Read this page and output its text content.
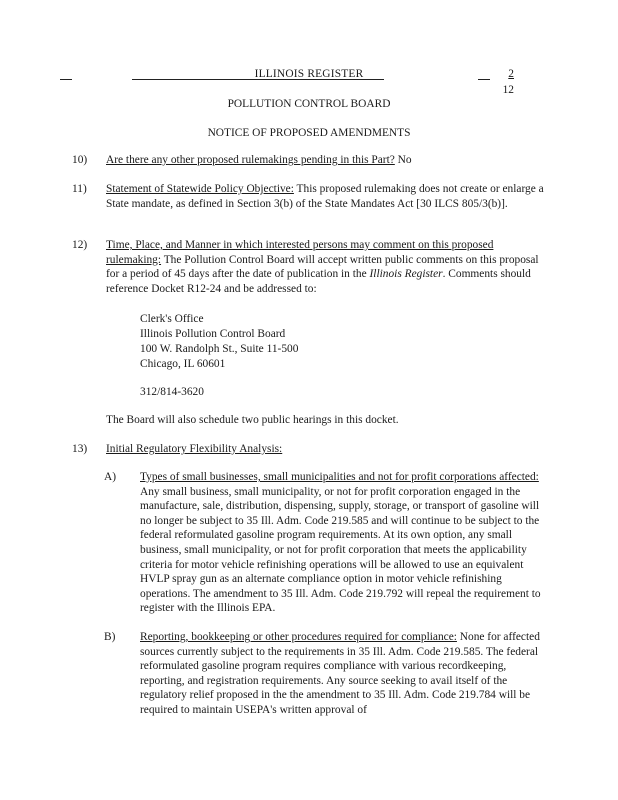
ILLINOIS REGISTER	2
12
POLLUTION CONTROL BOARD
NOTICE OF PROPOSED AMENDMENTS
10) Are there any other proposed rulemakings pending in this Part? No

11) Statement of Statewide Policy Objective: This proposed rulemaking does not create or enlarge a State mandate, as defined in Section 3(b) of the State Mandates Act [30 ILCS 805/3(b)].

12) Time, Place, and Manner in which interested persons may comment on this proposed rulemaking: The Pollution Control Board will accept written public comments on this proposal for a period of 45 days after the date of publication in the Illinois Register. Comments should reference Docket R12-24 and be addressed to:

Clerk's Office
Illinois Pollution Control Board
100 W. Randolph St., Suite 11-500
Chicago, IL 60601
312/814-3620

The Board will also schedule two public hearings in this docket.

13) Initial Regulatory Flexibility Analysis:

A) Types of small businesses, small municipalities and not for profit corporations affected: Any small business, small municipality, or not for profit corporation engaged in the manufacture, sale, distribution, dispensing, supply, storage, or transport of gasoline will no longer be subject to 35 Ill. Adm. Code 219.585 and will continue to be subject to the federal reformulated gasoline program requirements. At its own option, any small business, small municipality, or not for profit corporation that meets the applicability criteria for motor vehicle refinishing operations will be allowed to use an equivalent HVLP spray gun as an alternate compliance option in motor vehicle refinishing operations. The amendment to 35 Ill. Adm. Code 219.792 will repeal the requirement to register with the Illinois EPA.

B) Reporting, bookkeeping or other procedures required for compliance: None for affected sources currently subject to the requirements in 35 Ill. Adm. Code 219.585. The federal reformulated gasoline program requires compliance with various recordkeeping, reporting, and registration requirements. Any source seeking to avail itself of the regulatory relief proposed in the the amendment to 35 Ill. Adm. Code 219.784 will be required to maintain USEPA's written approval of
